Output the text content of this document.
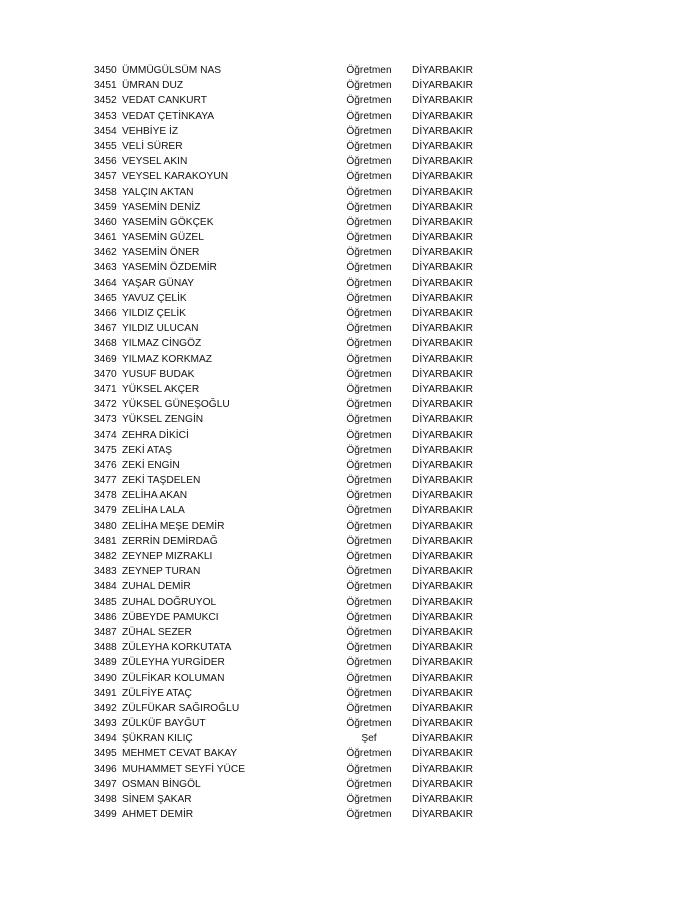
3450 ÜMMÜGÜLSÜM NAS	Öğretmen	DİYARBAKIR
3451 ÜMRAN DUZ	Öğretmen	DİYARBAKIR
3452 VEDAT CANKURT	Öğretmen	DİYARBAKIR
3453 VEDAT ÇETİNKAYA	Öğretmen	DİYARBAKIR
3454 VEHBİYE İZ	Öğretmen	DİYARBAKIR
3455 VELİ SÜRER	Öğretmen	DİYARBAKIR
3456 VEYSEL AKIN	Öğretmen	DİYARBAKIR
3457 VEYSEL KARAKOYUN	Öğretmen	DİYARBAKIR
3458 YALÇIN AKTAN	Öğretmen	DİYARBAKIR
3459 YASEMİN DENİZ	Öğretmen	DİYARBAKIR
3460 YASEMİN GÖKÇEK	Öğretmen	DİYARBAKIR
3461 YASEMİN GÜZEL	Öğretmen	DİYARBAKIR
3462 YASEMİN ÖNER	Öğretmen	DİYARBAKIR
3463 YASEMİN ÖZDEMİR	Öğretmen	DİYARBAKIR
3464 YAŞAR GÜNAY	Öğretmen	DİYARBAKIR
3465 YAVUZ ÇELİK	Öğretmen	DİYARBAKIR
3466 YILDIZ ÇELİK	Öğretmen	DİYARBAKIR
3467 YILDIZ ULUCAN	Öğretmen	DİYARBAKIR
3468 YILMAZ CİNGÖZ	Öğretmen	DİYARBAKIR
3469 YILMAZ KORKMAZ	Öğretmen	DİYARBAKIR
3470 YUSUF BUDAK	Öğretmen	DİYARBAKIR
3471 YÜKSEL AKÇER	Öğretmen	DİYARBAKIR
3472 YÜKSEL GÜNEŞOĞLU	Öğretmen	DİYARBAKIR
3473 YÜKSEL ZENGİN	Öğretmen	DİYARBAKIR
3474 ZEHRA DİKİCİ	Öğretmen	DİYARBAKIR
3475 ZEKİ ATAŞ	Öğretmen	DİYARBAKIR
3476 ZEKİ ENGİN	Öğretmen	DİYARBAKIR
3477 ZEKİ TAŞDELEN	Öğretmen	DİYARBAKIR
3478 ZELİHA AKAN	Öğretmen	DİYARBAKIR
3479 ZELİHA LALA	Öğretmen	DİYARBAKIR
3480 ZELİHA MEŞE DEMİR	Öğretmen	DİYARBAKIR
3481 ZERRİN DEMİRDAĞ	Öğretmen	DİYARBAKIR
3482 ZEYNEP MIZRAKLI	Öğretmen	DİYARBAKIR
3483 ZEYNEP TURAN	Öğretmen	DİYARBAKIR
3484 ZUHAL DEMİR	Öğretmen	DİYARBAKIR
3485 ZUHAL DOĞRUYOL	Öğretmen	DİYARBAKIR
3486 ZÜBEYDE PAMUKCI	Öğretmen	DİYARBAKIR
3487 ZÜHAL SEZER	Öğretmen	DİYARBAKIR
3488 ZÜLEYHA KORKUTATA	Öğretmen	DİYARBAKIR
3489 ZÜLEYHA YURGİDER	Öğretmen	DİYARBAKIR
3490 ZÜLFİKAR KOLUMAN	Öğretmen	DİYARBAKIR
3491 ZÜLFİYE ATAÇ	Öğretmen	DİYARBAKIR
3492 ZÜLFÜKAR SAĞIROĞLU	Öğretmen	DİYARBAKIR
3493 ZÜLKÜF BAYĞUT	Öğretmen	DİYARBAKIR
3494 ŞÜKRAN KILIÇ	Şef	DİYARBAKIR
3495 MEHMET CEVAT BAKAY	Öğretmen	DİYARBAKIR
3496 MUHAMMET SEYFİ YÜCE	Öğretmen	DİYARBAKIR
3497 OSMAN BİNGÖL	Öğretmen	DİYARBAKIR
3498 SİNEM ŞAKAR	Öğretmen	DİYARBAKIR
3499 AHMET DEMİR	Öğretmen	DİYARBAKIR
